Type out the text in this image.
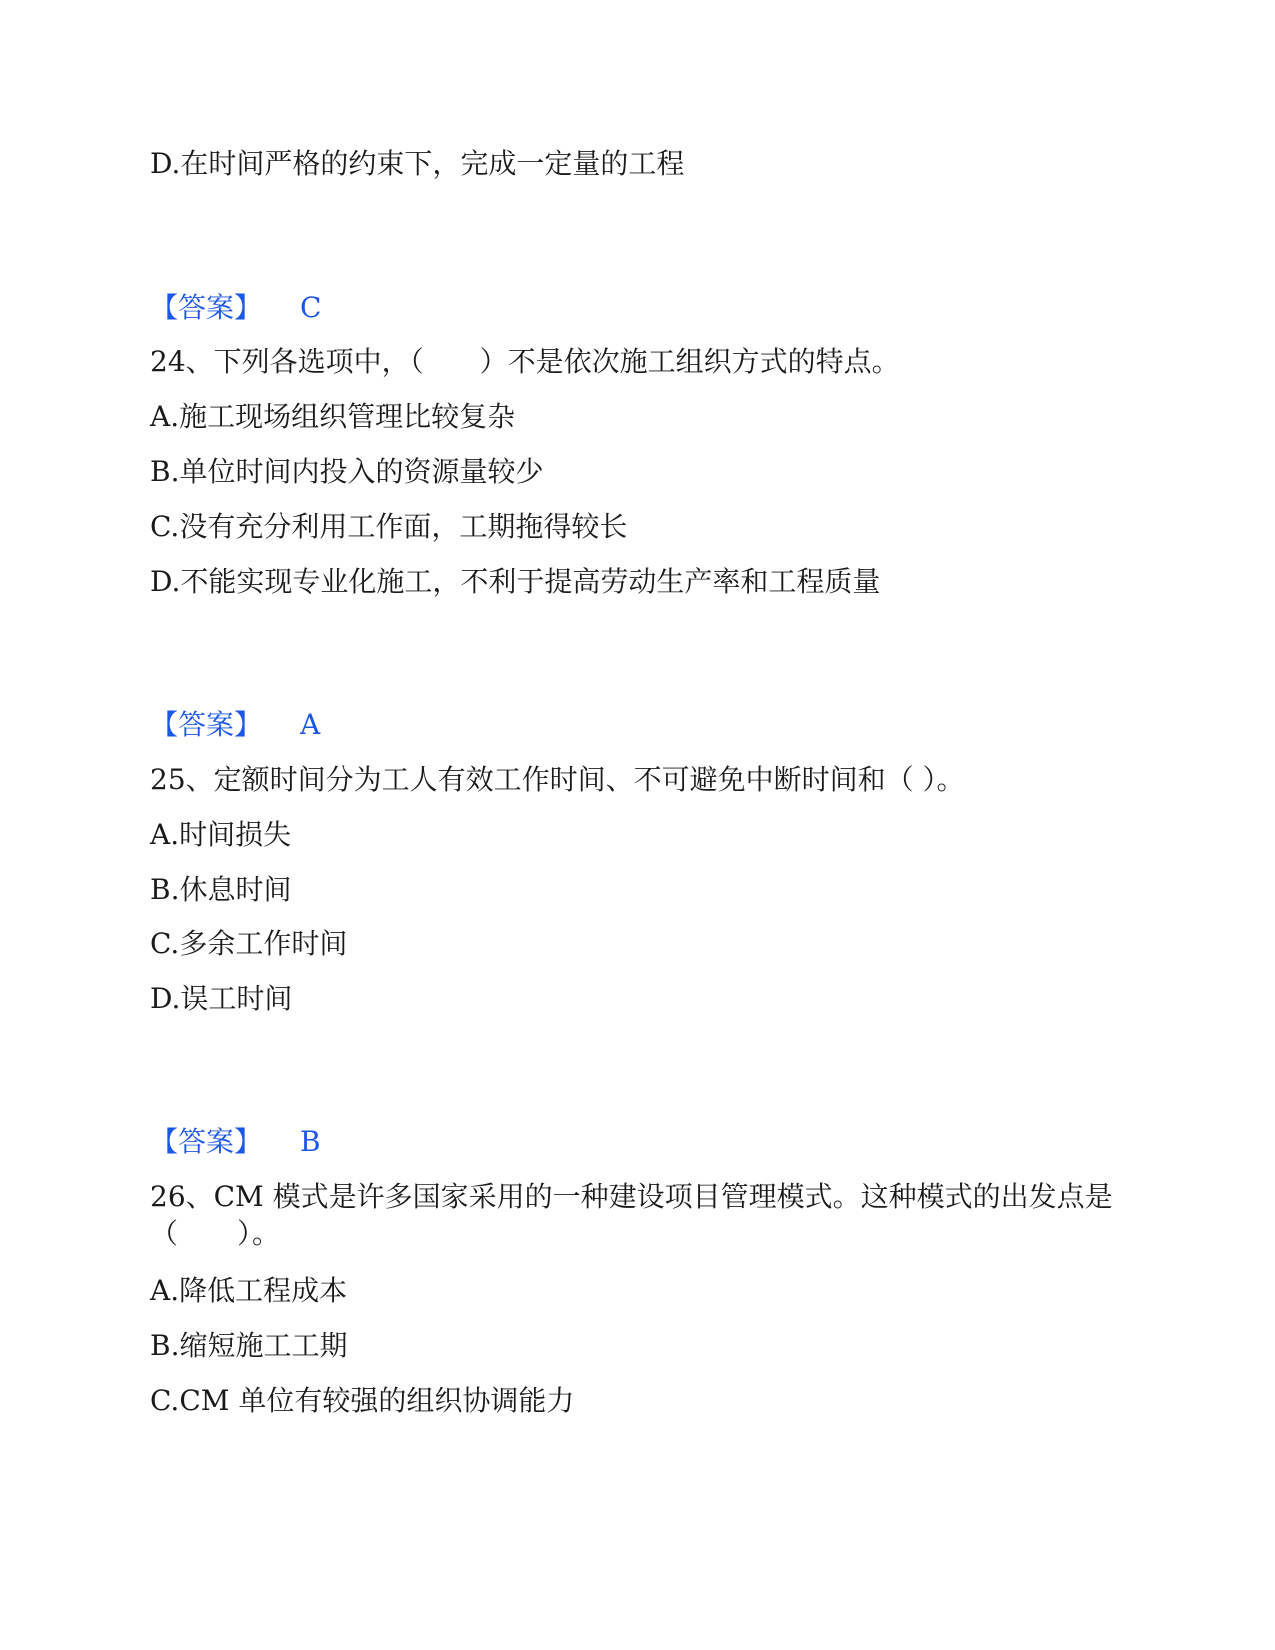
D.在时间严格的约束下，完成一定量的工程
【答案】 C
24、下列各选项中，（　　）不是依次施工组织方式的特点。
A.施工现场组织管理比较复杂
B.单位时间内投入的资源量较少
C.没有充分利用工作面，工期拖得较长
D.不能实现专业化施工，不利于提高劳动生产率和工程质量
【答案】 A
25、定额时间分为工人有效工作时间、不可避免中断时间和（ ）。
A.时间损失
B.休息时间
C.多余工作时间
D.误工时间
【答案】 B
26、CM 模式是许多国家采用的一种建设项目管理模式。这种模式的出发点是
（　　）。
A.降低工程成本
B.缩短施工工期
C.CM 单位有较强的组织协调能力
